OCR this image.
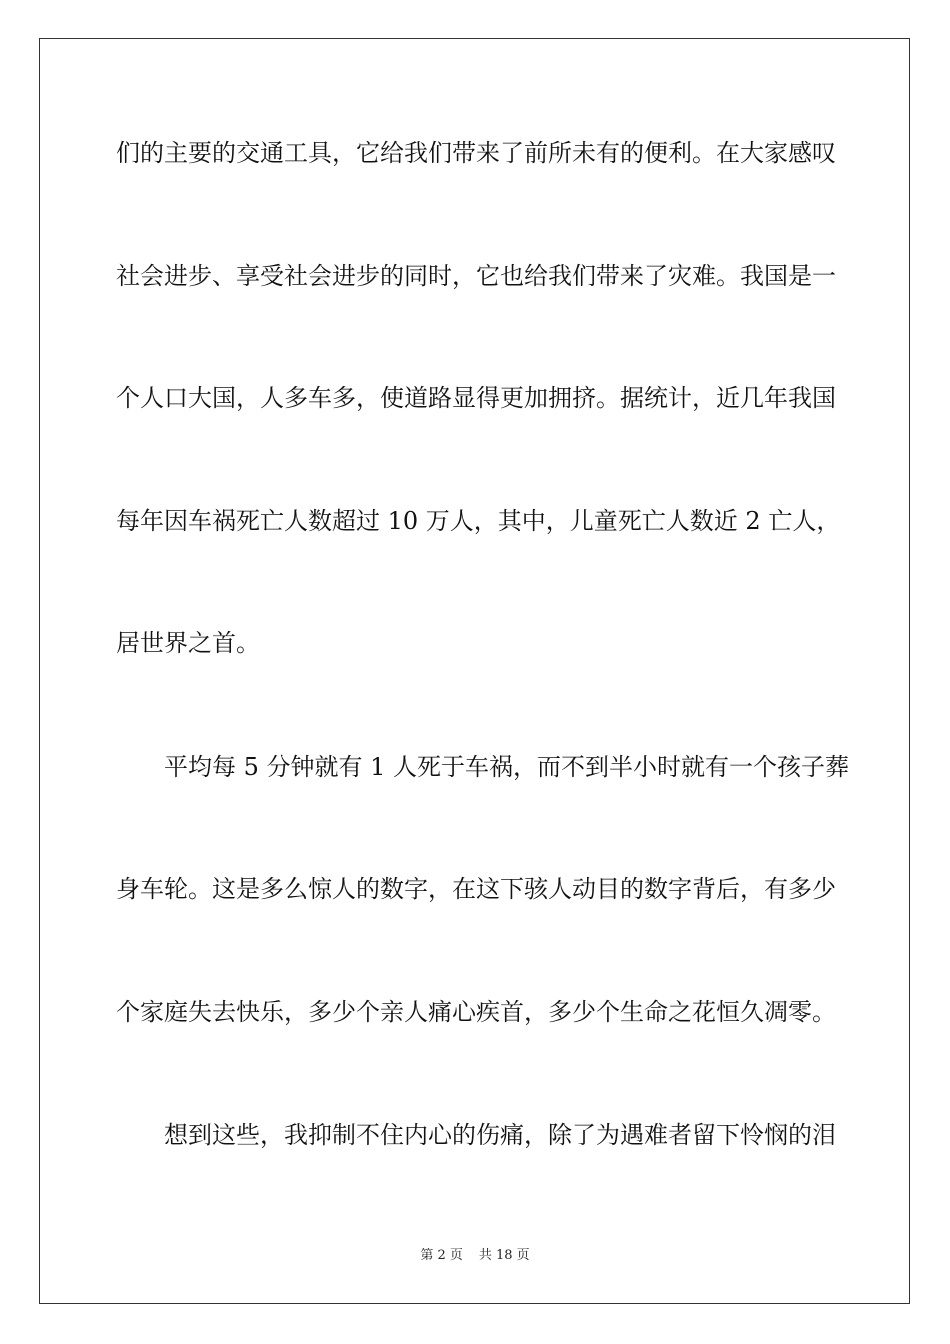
们的主要的交通工具，它给我们带来了前所未有的便利。在大家感叹
社会进步、享受社会进步的同时，它也给我们带来了灾难。我国是一
个人口大国，人多车多，使道路显得更加拥挤。据统计，近几年我国
每年因车祸死亡人数超过 10 万人，其中，儿童死亡人数近 2 亡人，
居世界之首。
平均每 5 分钟就有 1 人死于车祸，而不到半小时就有一个孩子葬
身车轮。这是多么惊人的数字，在这下骇人动目的数字背后，有多少
个家庭失去快乐，多少个亲人痛心疾首，多少个生命之花恒久凋零。
想到这些，我抑制不住内心的伤痛，除了为遇难者留下怜悯的泪
第 2 页 共 18 页
